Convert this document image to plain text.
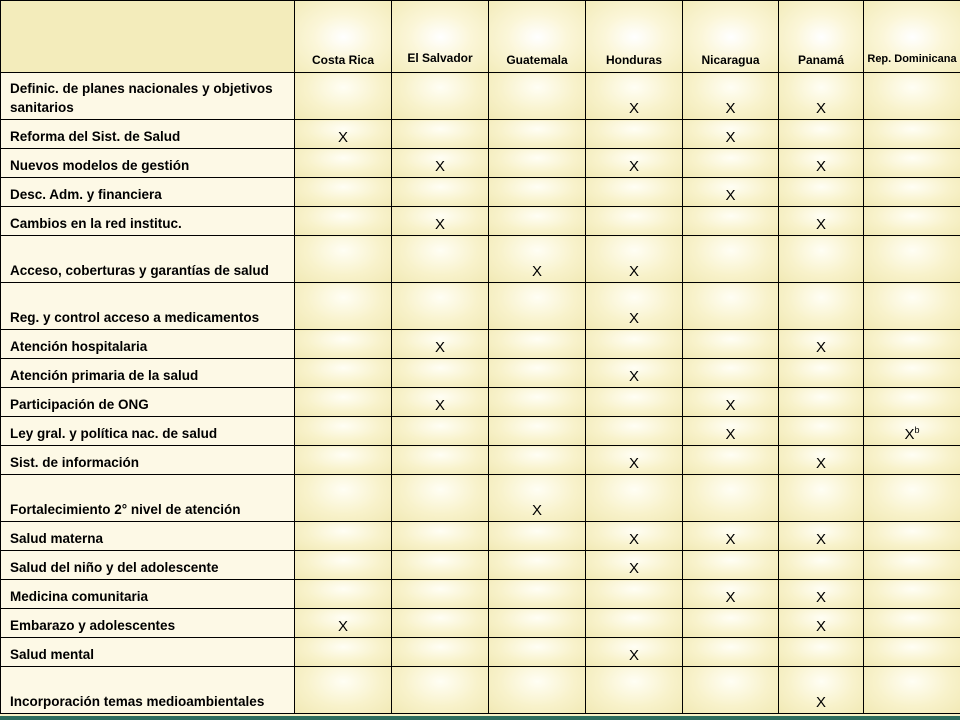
	Costa Rica	El Salvador	Guatemala	Honduras	Nicaragua	Panamá	Rep. Dominicana
Definic. de planes nacionales y objetivos sanitarios				X	X	X	
Reforma del Sist. de Salud	X				X		
Nuevos modelos de gestión		X		X		X	
Desc. Adm. y financiera					X		
Cambios en la red instituc.		X				X	
Acceso, coberturas y garantías de salud			X	X			
Reg. y control acceso a medicamentos				X			
Atención hospitalaria		X				X	
Atención primaria de la salud				X			
Participación de ONG		X			X		
Ley gral. y política nac. de salud					X		$X^b$
Sist. de información				X		X	
Fortalecimiento 2° nivel de atención			X				
Salud materna				X	X	X	
Salud del niño y del adolescente				X			
Medicina comunitaria					X	X	
Embarazo y adolescentes	X					X	
Salud mental				X			
Incorporación temas medioambientales						X	
